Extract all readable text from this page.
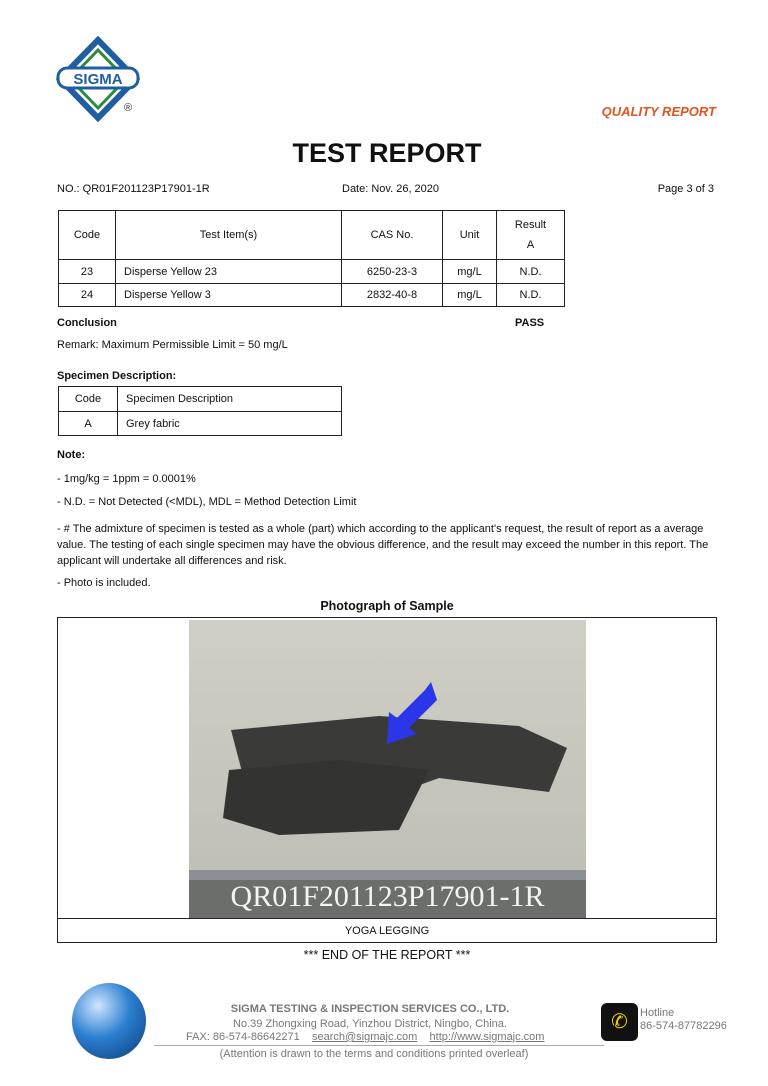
SIGMA
®	QUALITY REPORT
TEST REPORT
NO.: QR01F201123P17901-1R	Date: Nov. 26, 2020	Page 3 of 3
Code	Test Item(s)	CAS No.	Unit	Result
A

23	Disperse Yellow 23	6250-23-3	mg/L	N.D.
24	Disperse Yellow 3	2832-40-8	mg/L	N.D.
Conclusion	PASS
Remark: Maximum Permissible Limit = 50 mg/L
Specimen Description:
Code	Specimen Description
A	Grey fabric
Note:
- 1mg/kg = 1ppm = 0.0001%
- N.D. = Not Detected (<MDL), MDL = Method Detection Limit
- # The admixture of specimen is tested as a whole (part) which according to the applicant's request, the result of report as a average value. The testing of each single specimen may have the obvious difference, and the result may exceed the number in this report. The applicant will undertake all differences and risk.
- Photo is included.
Photograph of Sample
QR01F201123P17901-1R
YOGA LEGGING
*** END OF THE REPORT ***
SIGMA TESTING & INSPECTION SERVICES CO., LTD.
No.39 Zhongxing Road, Yinzhou District, Ningbo, China.
FAX: 86-574-86642271 search@sigmajc.com http://www.sigmajc.com
(Attention is drawn to the terms and conditions printed overleaf)
✆	Hotline
86-574-87782296
